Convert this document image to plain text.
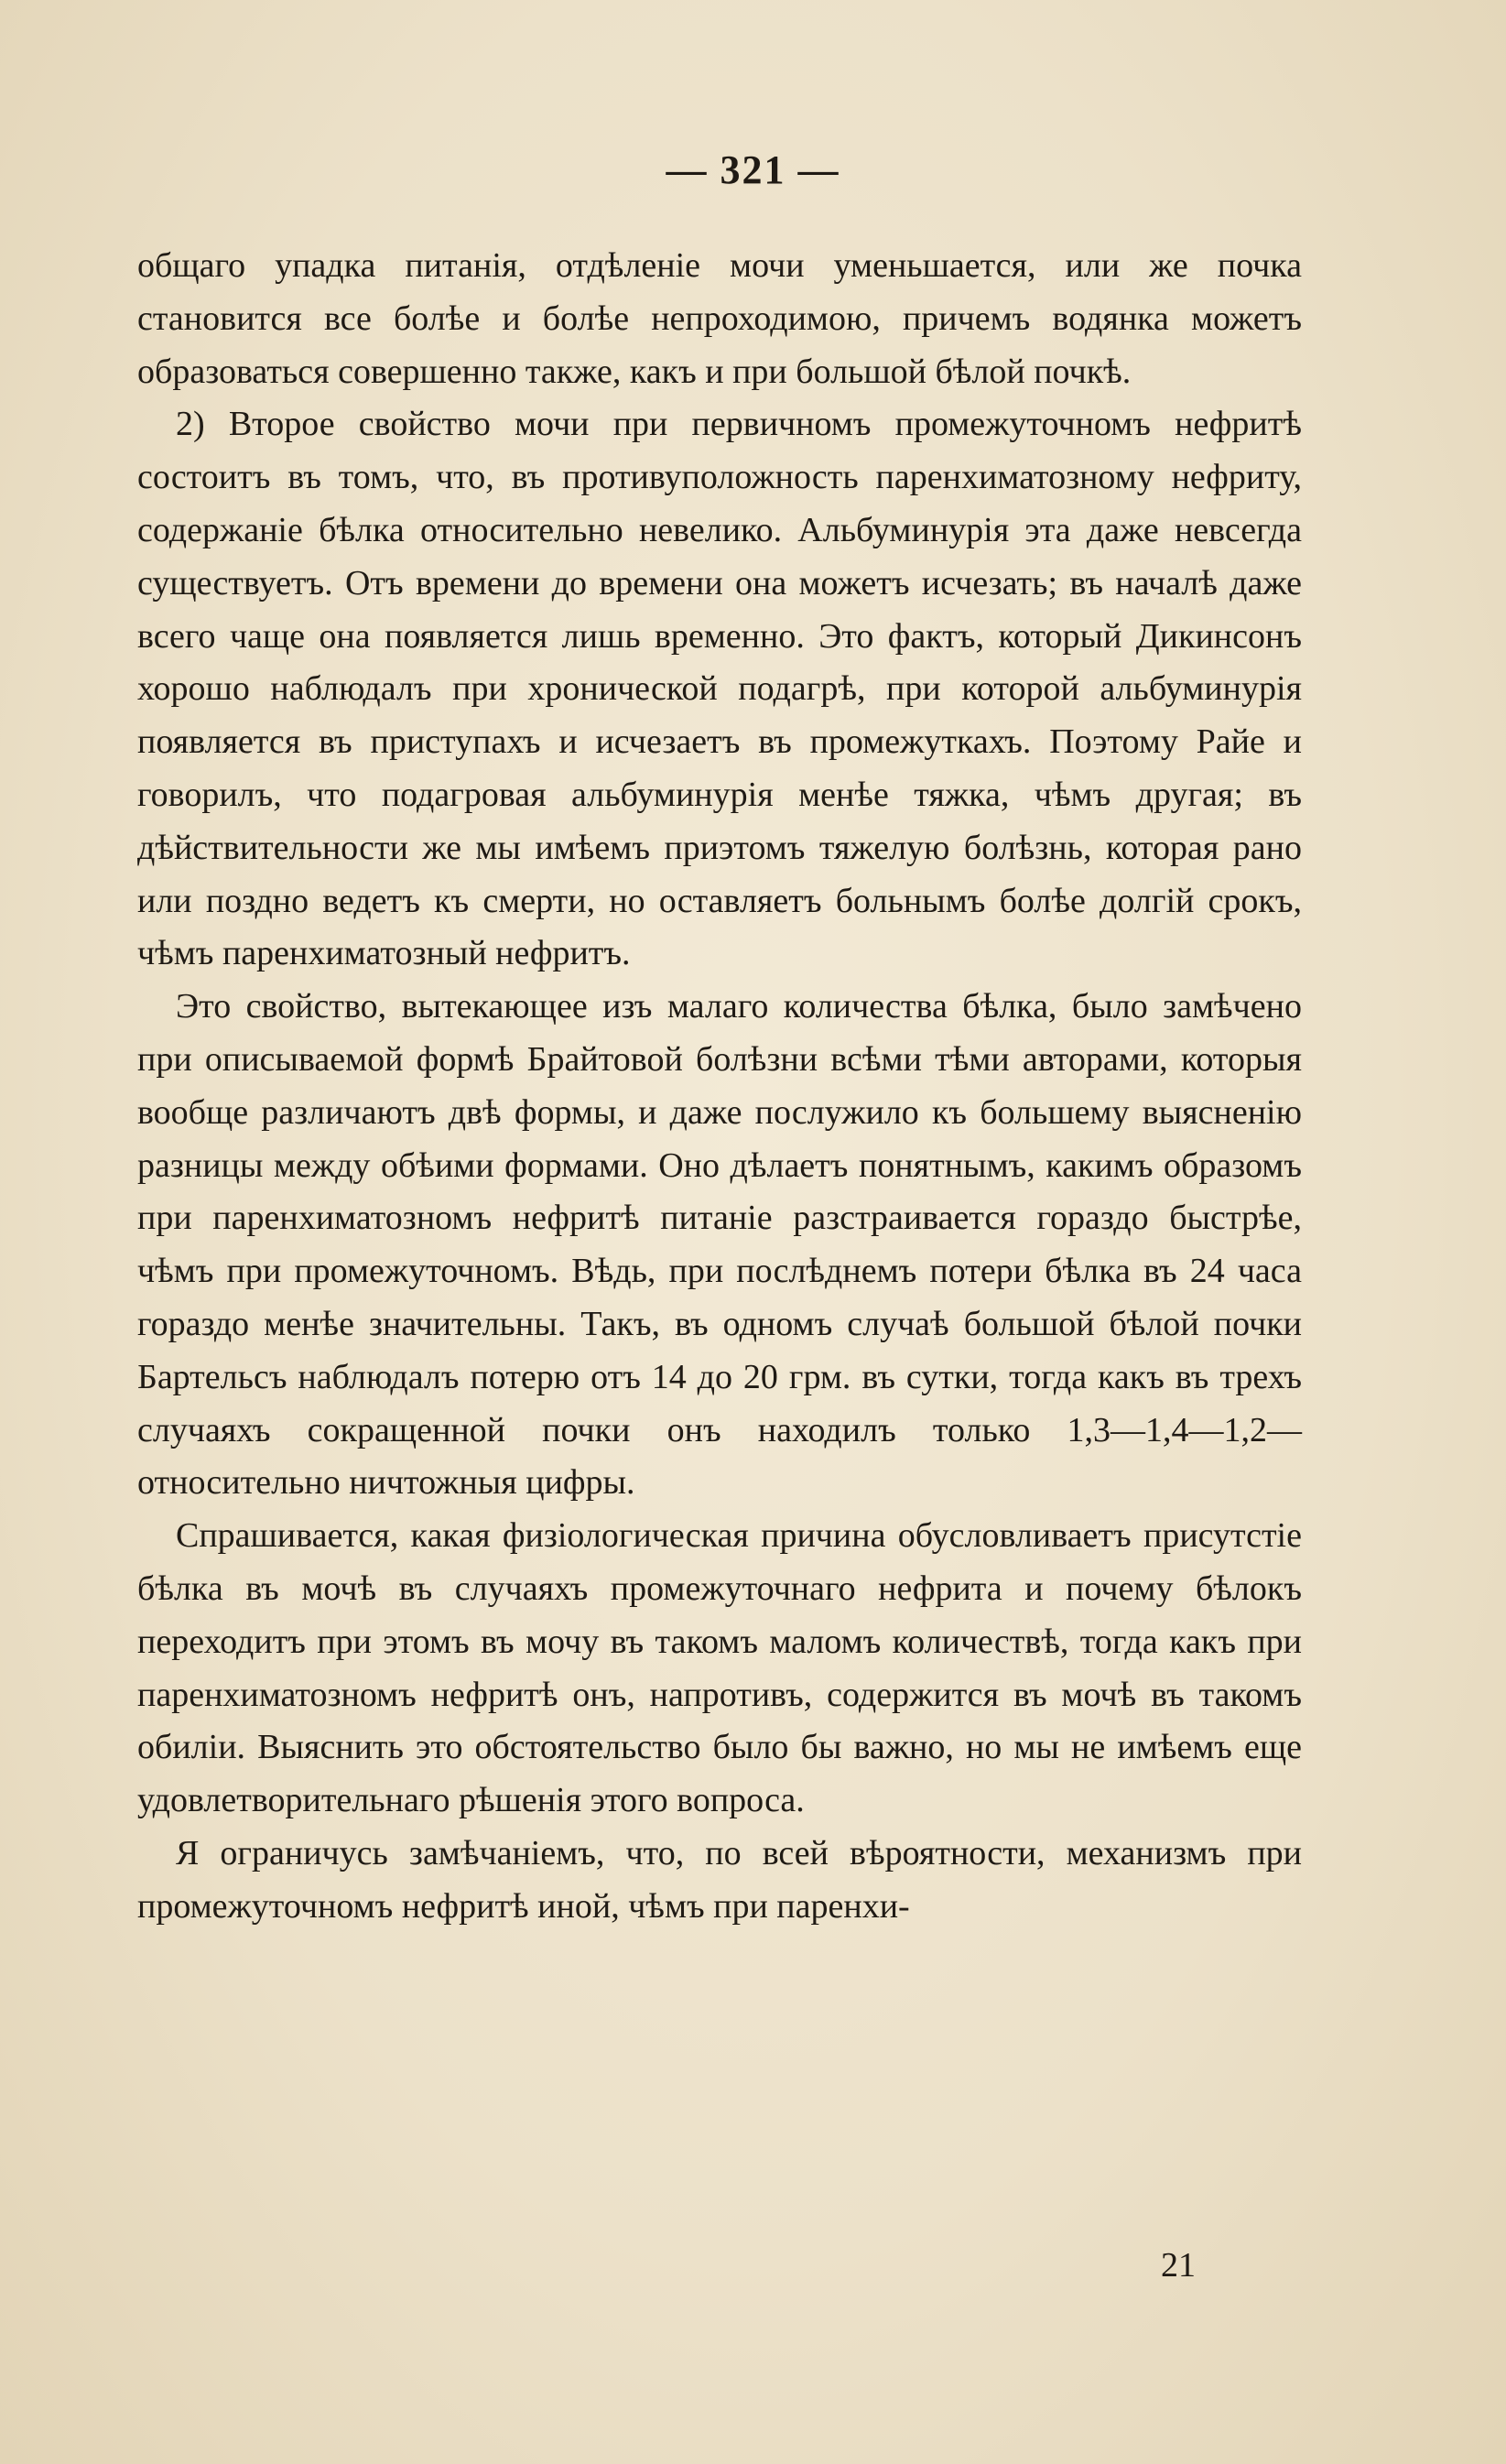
— 321 —

общаго упадка питанія, отдѣленіе мочи уменьшается, или же почка становится все болѣе и болѣе непроходимою, причемъ водянка можетъ образоваться совершенно также, какъ и при большой бѣлой почкѣ.

2) Второе свойство мочи при первичномъ промежуточномъ нефритѣ состоитъ въ томъ, что, въ противуположность паренхиматозному нефриту, содержаніе бѣлка относительно невелико. Альбуминурія эта даже невсегда существуетъ. Отъ времени до времени она можетъ исчезать; въ началѣ даже всего чаще она появляется лишь временно. Это фактъ, который Дикинсонъ хорошо наблюдалъ при хронической подагрѣ, при которой альбуминурія появляется въ приступахъ и исчезаетъ въ промежуткахъ. Поэтому Райе и говорилъ, что подагровая альбуминурія менѣе тяжка, чѣмъ другая; въ дѣйствительности же мы имѣемъ приэтомъ тяжелую болѣзнь, которая рано или поздно ведетъ къ смерти, но оставляетъ больнымъ болѣе долгій срокъ, чѣмъ паренхиматозный нефритъ.

Это свойство, вытекающее изъ малаго количества бѣлка, было замѣчено при описываемой формѣ Брайтовой болѣзни всѣми тѣми авторами, которыя вообще различаютъ двѣ формы, и даже послужило къ большему выясненію разницы между обѣими формами. Оно дѣлаетъ понятнымъ, какимъ образомъ при паренхиматозномъ нефритѣ питаніе разстраивается гораздо быстрѣе, чѣмъ при промежуточномъ. Вѣдь, при послѣднемъ потери бѣлка въ 24 часа гораздо менѣе значительны. Такъ, въ одномъ случаѣ большой бѣлой почки Бартельсъ наблюдалъ потерю отъ 14 до 20 грм. въ сутки, тогда какъ въ трехъ случаяхъ сокращенной почки онъ находилъ только 1,3—1,4—1,2—относительно ничтожныя цифры.

Спрашивается, какая физіологическая причина обусловливаетъ присутстіе бѣлка въ мочѣ въ случаяхъ промежуточнаго нефрита и почему бѣлокъ переходитъ при этомъ въ мочу въ такомъ маломъ количествѣ, тогда какъ при паренхиматозномъ нефритѣ онъ, напротивъ, содержится въ мочѣ въ такомъ обиліи. Выяснить это обстоятельство было бы важно, но мы не имѣемъ еще удовлетворительнаго рѣшенія этого вопроса.

Я ограничусь замѣчаніемъ, что, по всей вѣроятности, механизмъ при промежуточномъ нефритѣ иной, чѣмъ при паренхи-

21
